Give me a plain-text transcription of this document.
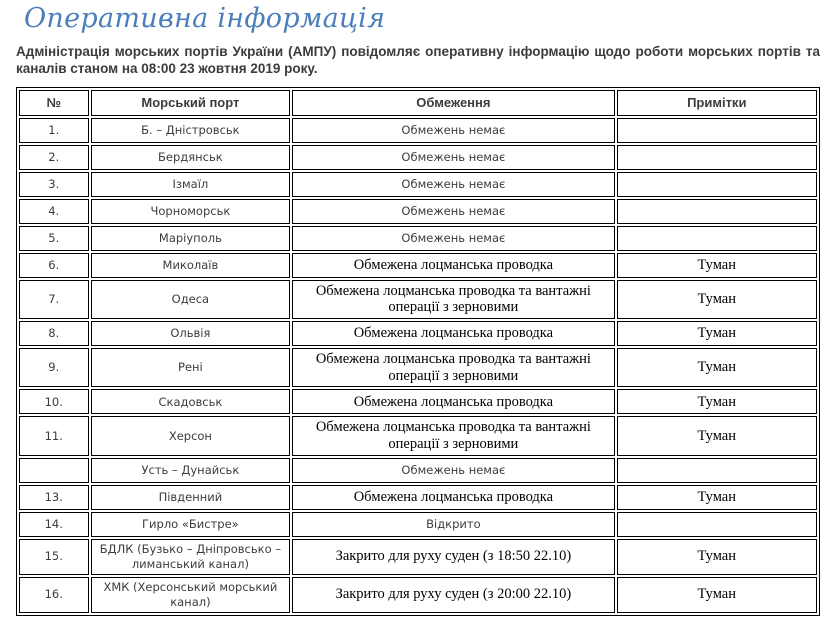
Оперативна інформація

Адміністрація морських портів України (АМПУ) повідомляє оперативну інформацію щодо роботи морських портів та каналів станом на 08:00 23 жовтня 2019 року.

№	Морський порт	Обмеження	Примітки
1.	Б. – Дністровськ	Обмежень немає	
2.	Бердянськ	Обмежень немає	
3.	Ізмаїл	Обмежень немає	
4.	Чорноморськ	Обмежень немає	
5.	Маріуполь	Обмежень немає	
6.	Миколаїв	Обмежена лоцманська проводка	Туман
7.	Одеса	Обмежена лоцманська проводка та вантажні операції з зерновими	Туман
8.	Ольвія	Обмежена лоцманська проводка	Туман
9.	Рені	Обмежена лоцманська проводка та вантажні операції з зерновими	Туман
10.	Скадовськ	Обмежена лоцманська проводка	Туман
11.	Херсон	Обмежена лоцманська проводка та вантажні операції з зерновими	Туман
	Усть – Дунайськ	Обмежень немає	
13.	Південний	Обмежена лоцманська проводка	Туман
14.	Гирло «Бистре»	Відкрито	
15.	БДЛК (Бузько – Дніпровсько – лиманський канал)	Закрито для руху суден (з 18:50 22.10)	Туман
16.	ХМК (Херсонський морський канал)	Закрито для руху суден (з 20:00 22.10)	Туман
